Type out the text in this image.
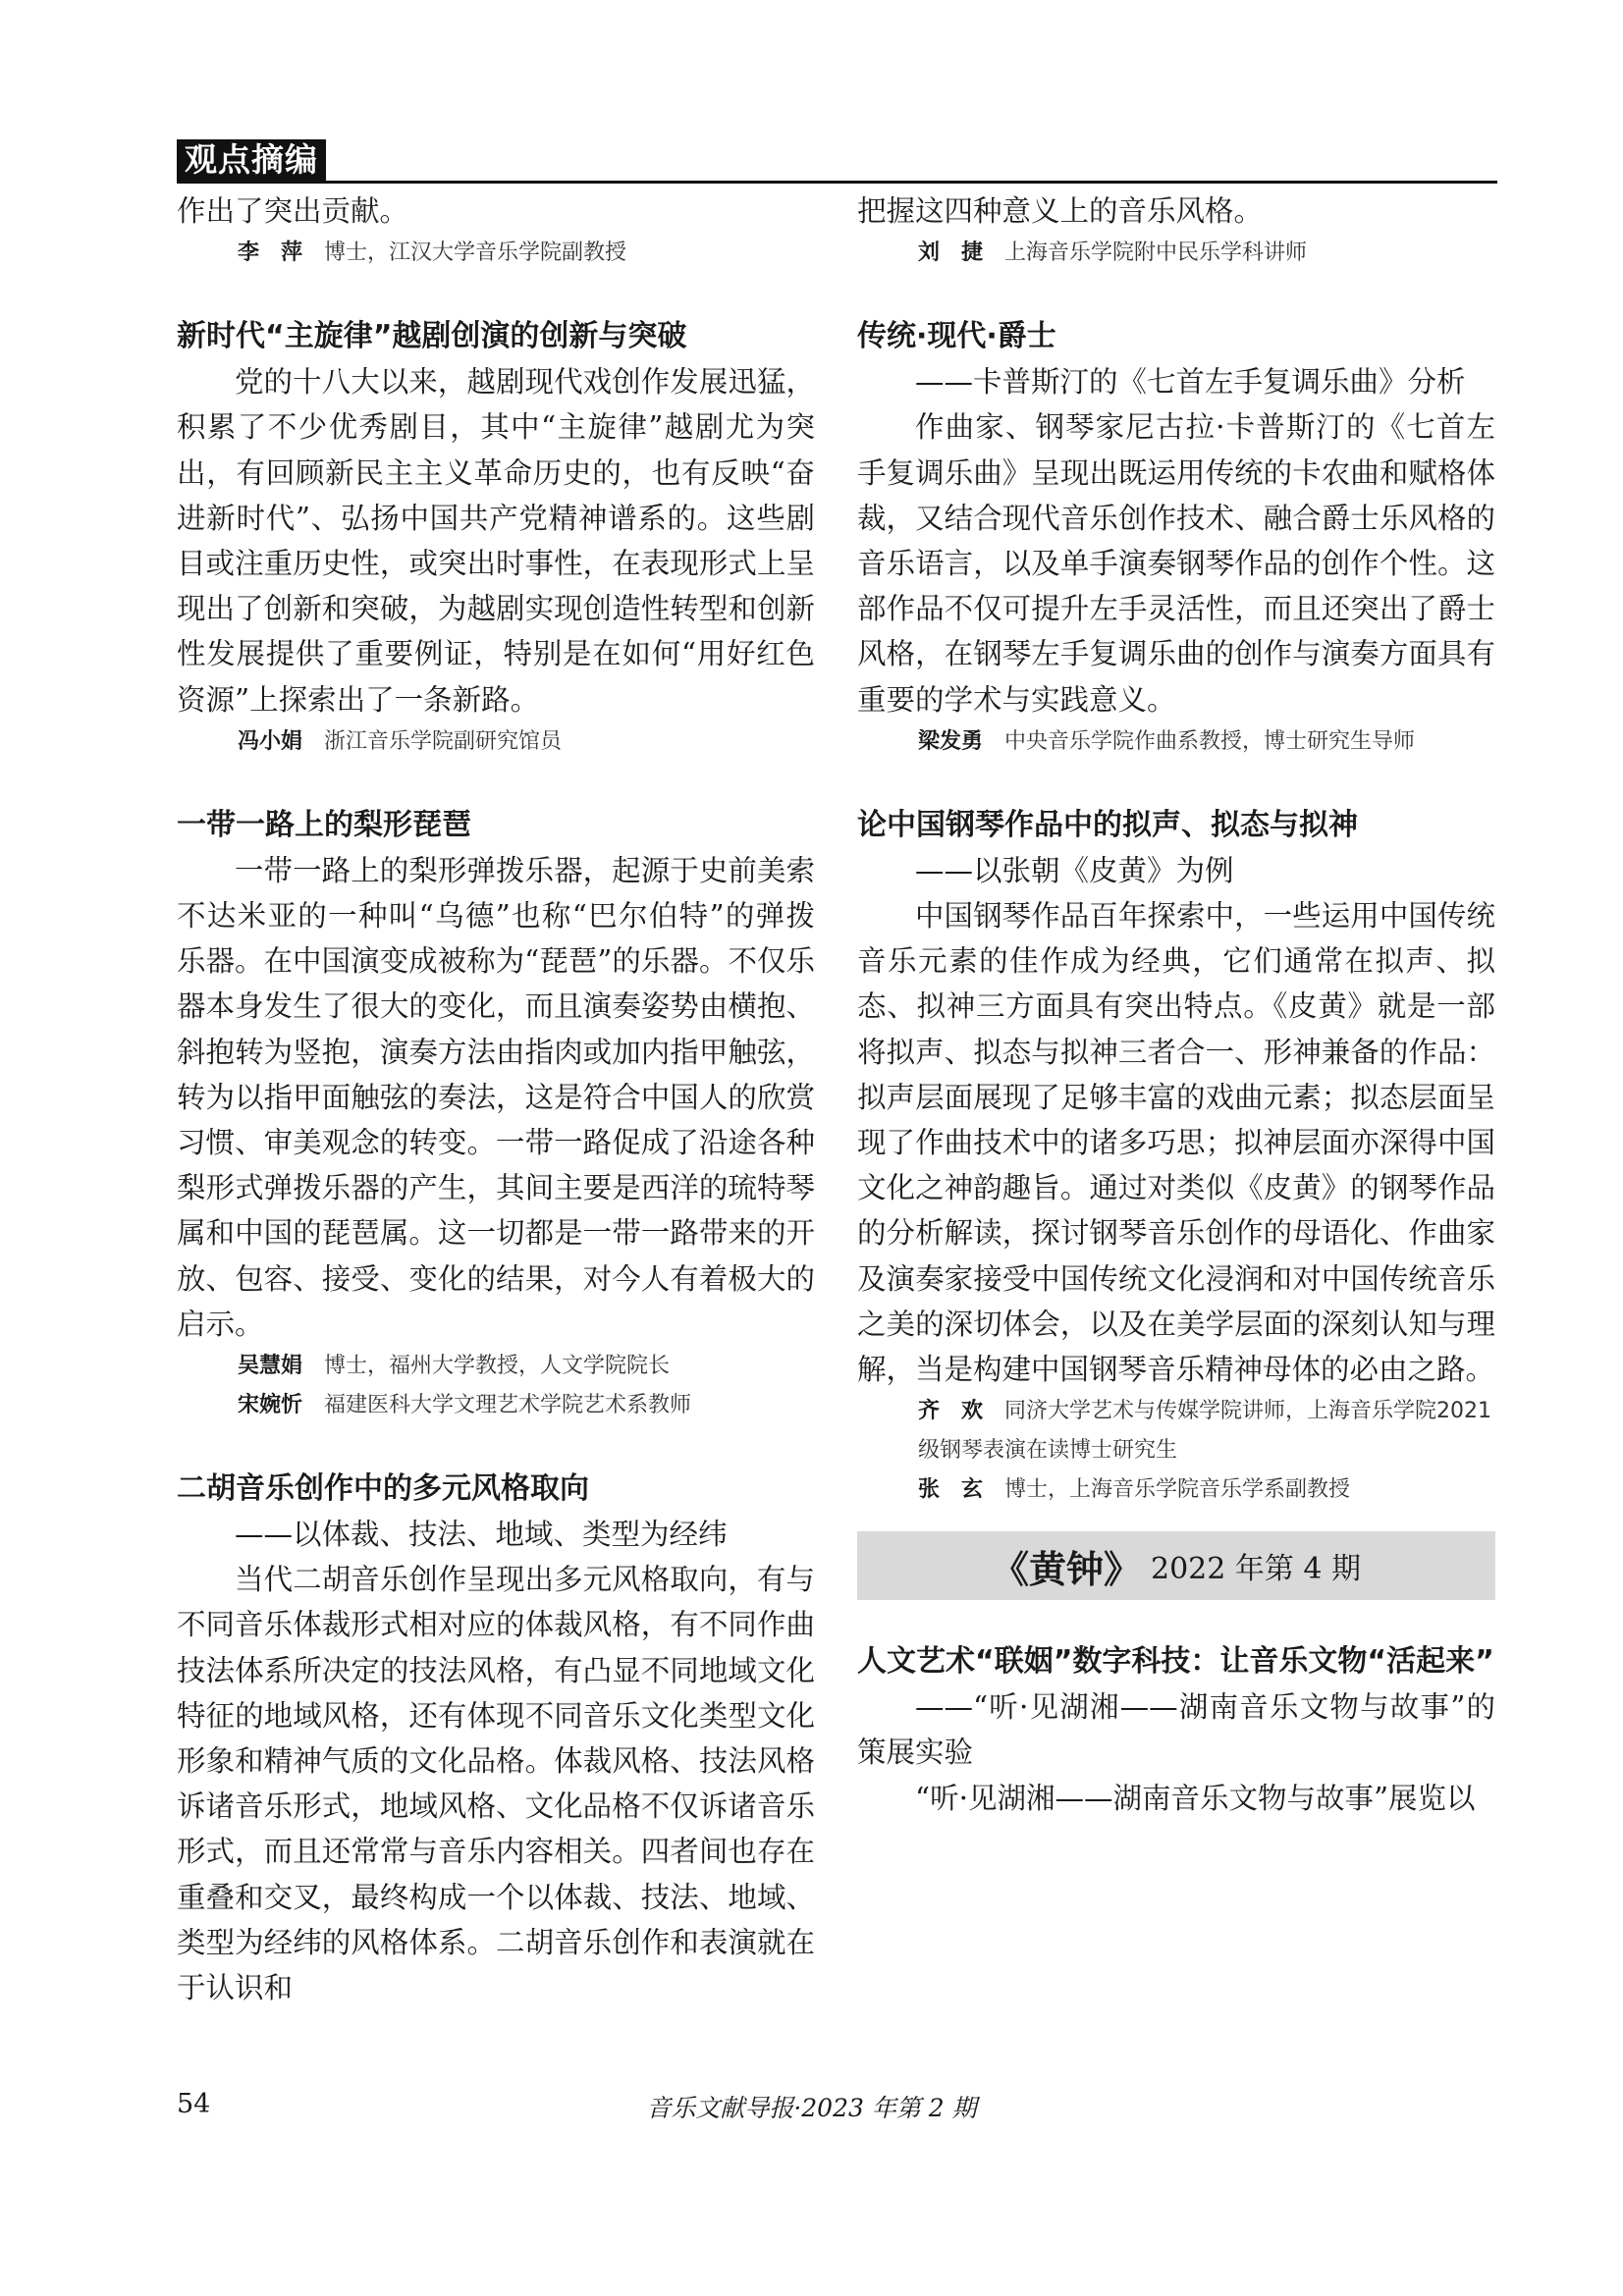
观点摘编

作出了突出贡献。

李　萍 博士，江汉大学音乐学院副教授

新时代“主旋律”越剧创演的创新与突破

党的十八大以来，越剧现代戏创作发展迅猛，积累了不少优秀剧目，其中“主旋律”越剧尤为突出，有回顾新民主主义革命历史的，也有反映“奋进新时代”、弘扬中国共产党精神谱系的。这些剧目或注重历史性，或突出时事性，在表现形式上呈现出了创新和突破，为越剧实现创造性转型和创新性发展提供了重要例证，特别是在如何“用好红色资源”上探索出了一条新路。

冯小娟 浙江音乐学院副研究馆员

一带一路上的梨形琵琶

一带一路上的梨形弹拨乐器，起源于史前美索不达米亚的一种叫“乌德”也称“巴尔伯特”的弹拨乐器。在中国演变成被称为“琵琶”的乐器。不仅乐器本身发生了很大的变化，而且演奏姿势由横抱、斜抱转为竖抱，演奏方法由指肉或加内指甲触弦，转为以指甲面触弦的奏法，这是符合中国人的欣赏习惯、审美观念的转变。一带一路促成了沿途各种梨形式弹拨乐器的产生，其间主要是西洋的琉特琴属和中国的琵琶属。这一切都是一带一路带来的开放、包容、接受、变化的结果，对今人有着极大的启示。

吴慧娟 博士，福州大学教授，人文学院院长

宋婉忻 福建医科大学文理艺术学院艺术系教师

二胡音乐创作中的多元风格取向

——以体裁、技法、地域、类型为经纬

当代二胡音乐创作呈现出多元风格取向，有与不同音乐体裁形式相对应的体裁风格，有不同作曲技法体系所决定的技法风格，有凸显不同地域文化特征的地域风格，还有体现不同音乐文化类型文化形象和精神气质的文化品格。体裁风格、技法风格诉诸音乐形式，地域风格、文化品格不仅诉诸音乐形式，而且还常常与音乐内容相关。四者间也存在重叠和交叉，最终构成一个以体裁、技法、地域、类型为经纬的风格体系。二胡音乐创作和表演就在于认识和

把握这四种意义上的音乐风格。

刘　捷 上海音乐学院附中民乐学科讲师

传统·现代·爵士

——卡普斯汀的《七首左手复调乐曲》分析

作曲家、钢琴家尼古拉·卡普斯汀的《七首左手复调乐曲》呈现出既运用传统的卡农曲和赋格体裁，又结合现代音乐创作技术、融合爵士乐风格的音乐语言，以及单手演奏钢琴作品的创作个性。这部作品不仅可提升左手灵活性，而且还突出了爵士风格，在钢琴左手复调乐曲的创作与演奏方面具有重要的学术与实践意义。

梁发勇 中央音乐学院作曲系教授，博士研究生导师

论中国钢琴作品中的拟声、拟态与拟神

——以张朝《皮黄》为例

中国钢琴作品百年探索中，一些运用中国传统音乐元素的佳作成为经典，它们通常在拟声、拟态、拟神三方面具有突出特点。《皮黄》就是一部将拟声、拟态与拟神三者合一、形神兼备的作品：拟声层面展现了足够丰富的戏曲元素；拟态层面呈现了作曲技术中的诸多巧思；拟神层面亦深得中国文化之神韵趣旨。通过对类似《皮黄》的钢琴作品的分析解读，探讨钢琴音乐创作的母语化、作曲家及演奏家接受中国传统文化浸润和对中国传统音乐之美的深切体会，以及在美学层面的深刻认知与理解，当是构建中国钢琴音乐精神母体的必由之路。

齐　欢 同济大学艺术与传媒学院讲师，上海音乐学院2021级钢琴表演在读博士研究生

张　玄 博士，上海音乐学院音乐学系副教授

《黄钟》 2022 年第 4 期
人文艺术“联姻”数字科技：让音乐文物“活起来”

——“听·见湖湘——湖南音乐文物与故事”的策展实验

“听·见湖湘——湖南音乐文物与故事”展览以

54	音乐文献导报·2023 年第 2 期
